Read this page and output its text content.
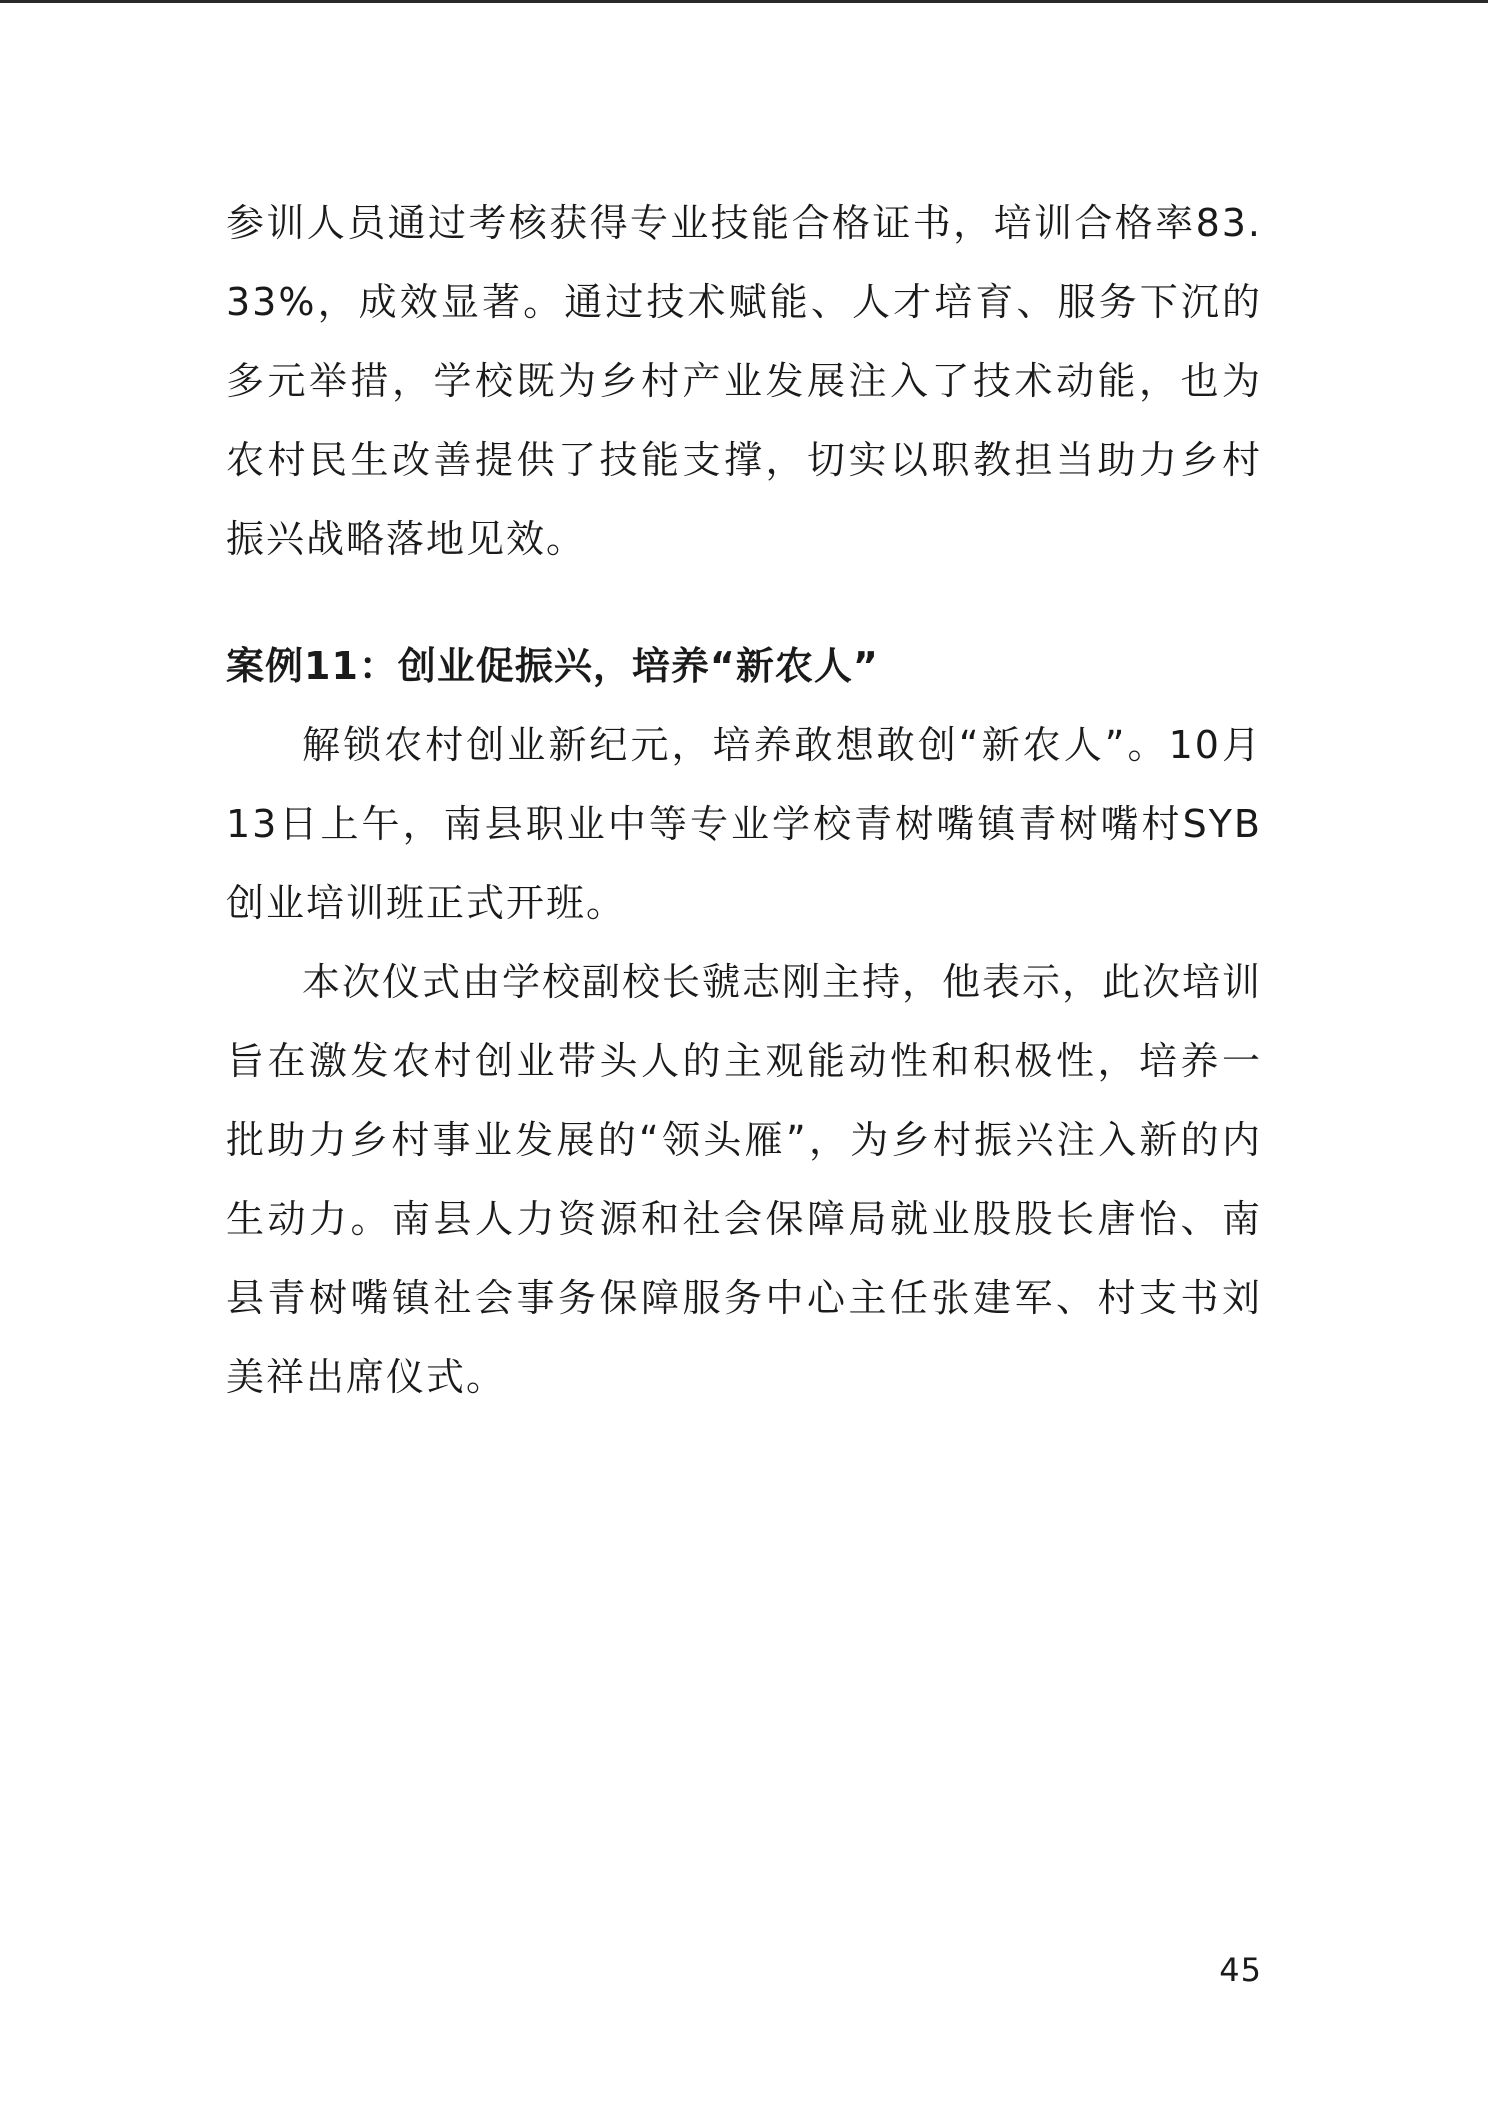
参训人员通过考核获得专业技能合格证书，培训合格率83.33%，成效显著。通过技术赋能、人才培育、服务下沉的多元举措，学校既为乡村产业发展注入了技术动能，也为农村民生改善提供了技能支撑，切实以职教担当助力乡村振兴战略落地见效。

案例11：创业促振兴，培养“新农人”

解锁农村创业新纪元，培养敢想敢创“新农人”。10月13日上午，南县职业中等专业学校青树嘴镇青树嘴村SYB创业培训班正式开班。

本次仪式由学校副校长虢志刚主持，他表示，此次培训旨在激发农村创业带头人的主观能动性和积极性，培养一批助力乡村事业发展的“领头雁”，为乡村振兴注入新的内生动力。南县人力资源和社会保障局就业股股长唐怡、南县青树嘴镇社会事务保障服务中心主任张建军、村支书刘美祥出席仪式。

45
